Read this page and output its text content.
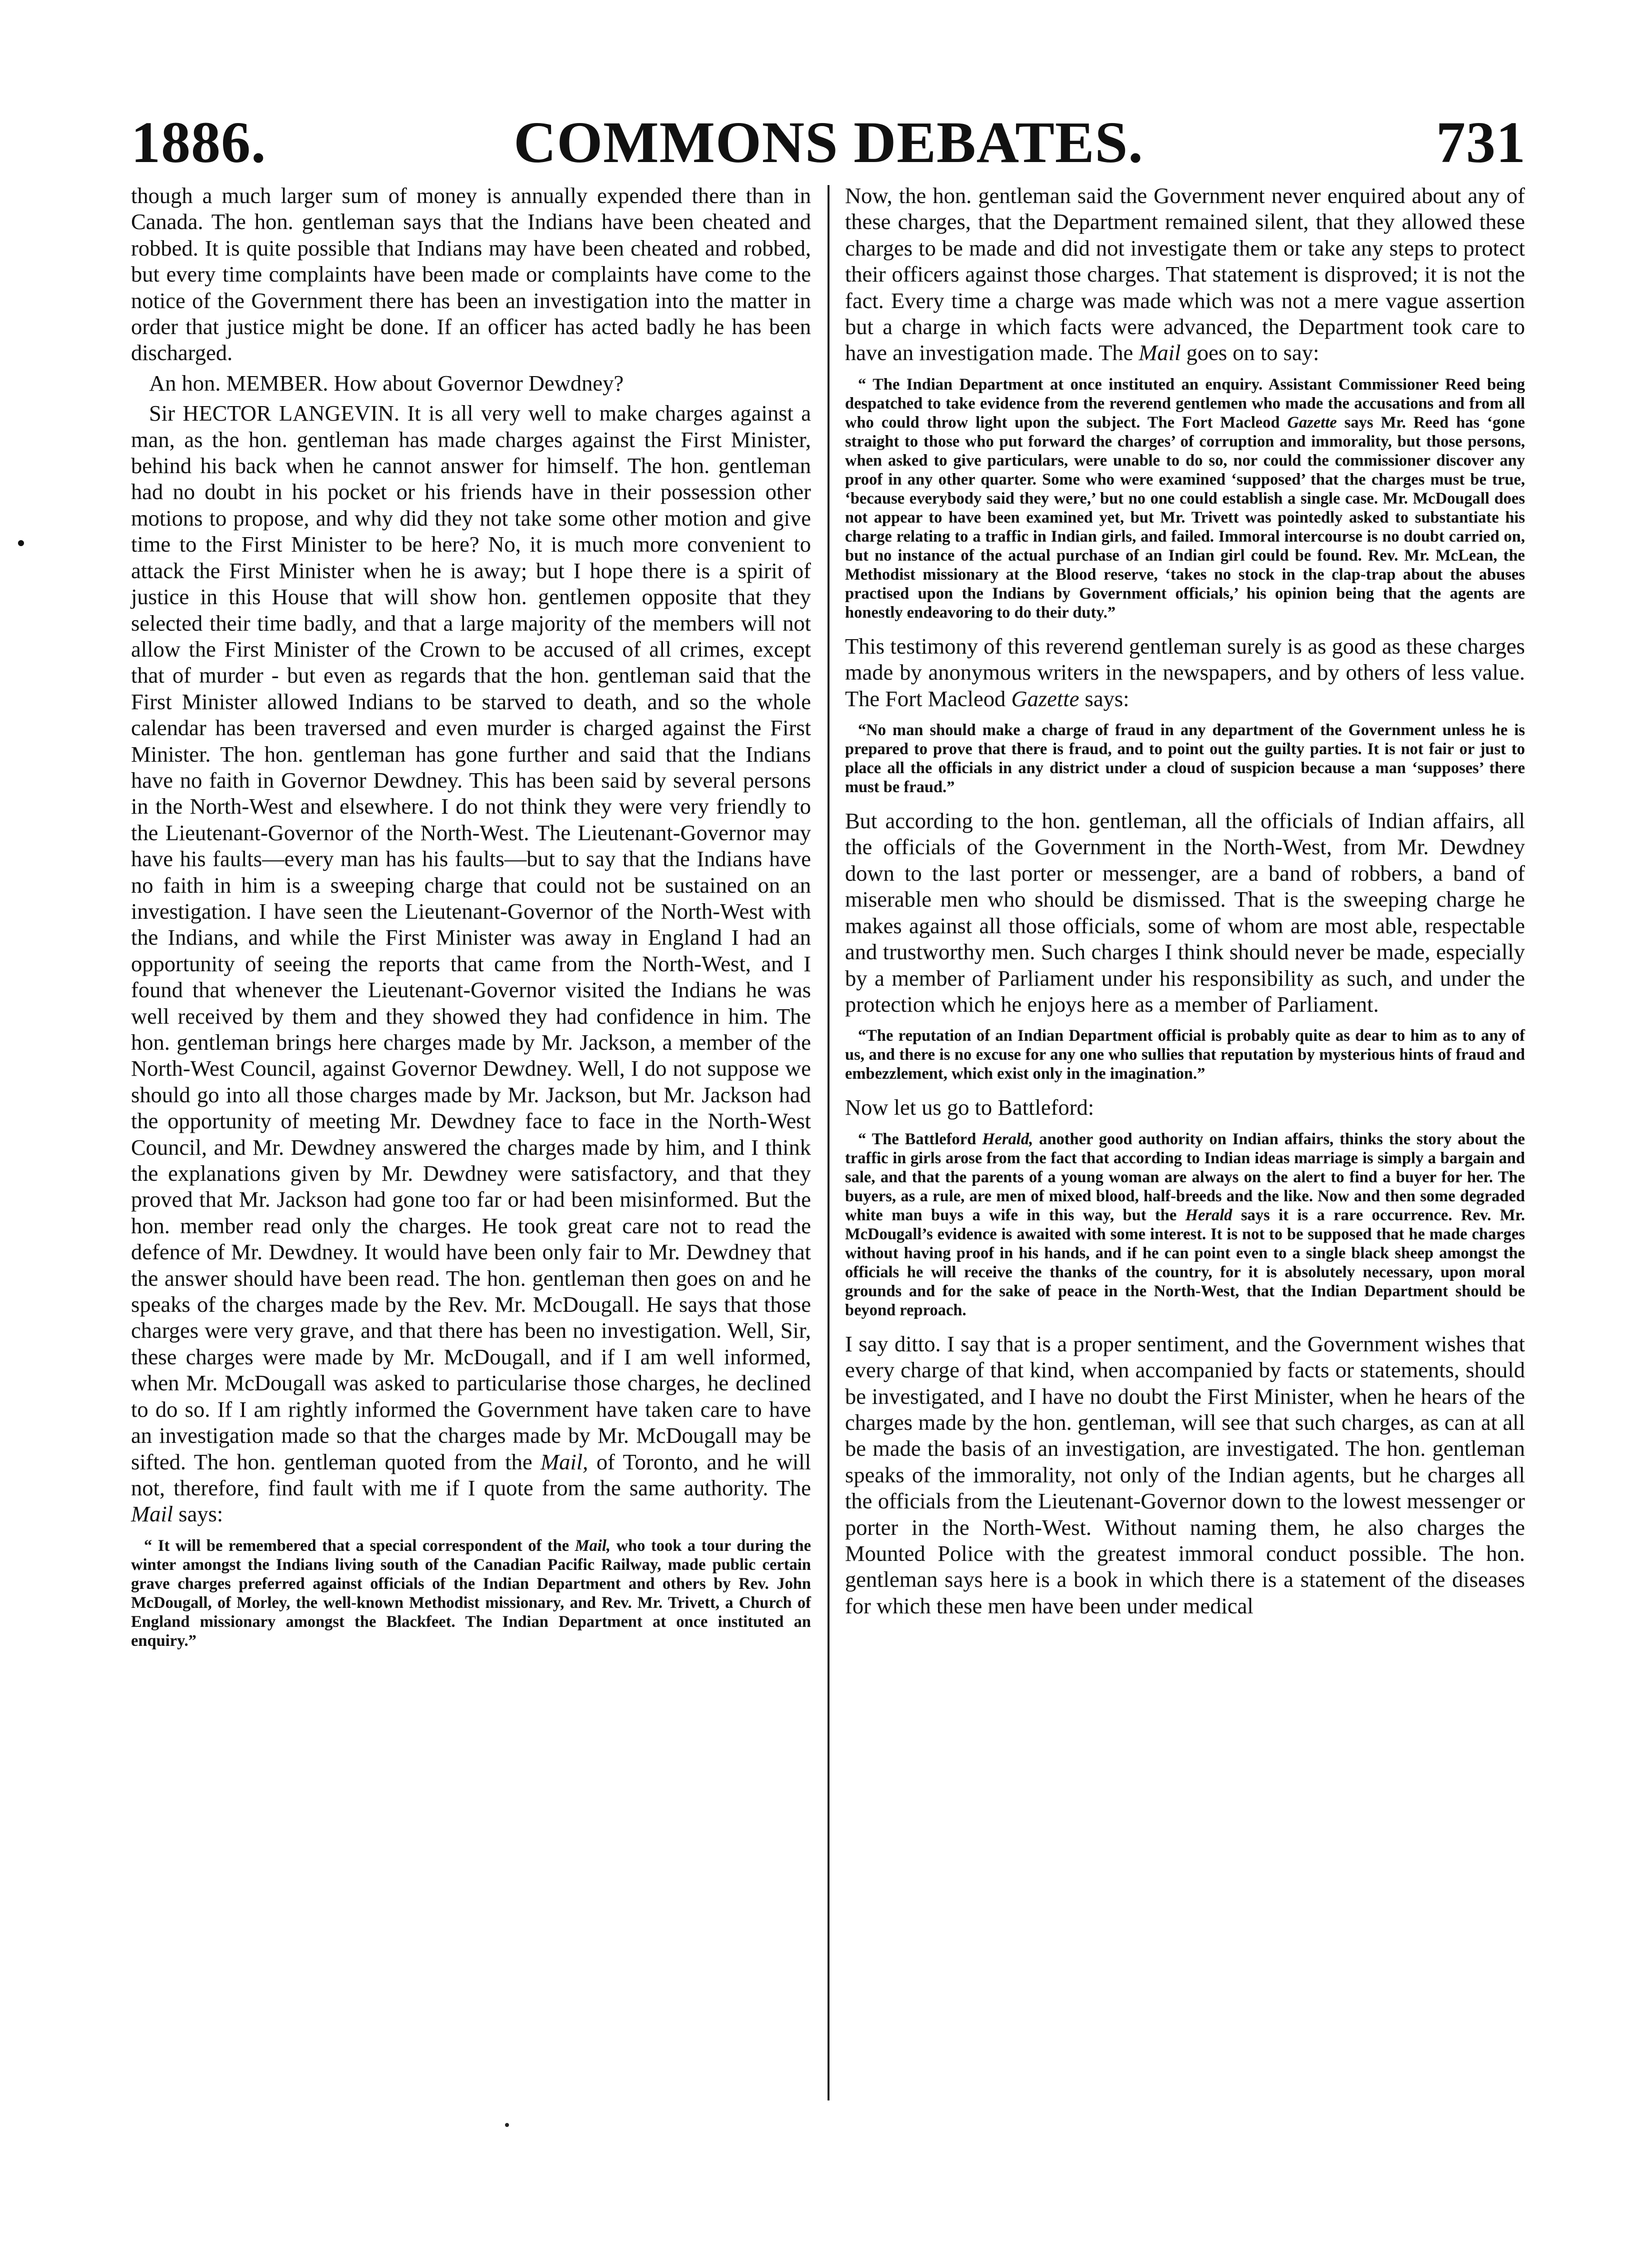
1886.	COMMONS DEBATES.	731

though a much larger sum of money is annually expended there than in Canada. The hon. gentleman says that the Indians have been cheated and robbed. It is quite possible that Indians may have been cheated and robbed, but every time complaints have been made or complaints have come to the notice of the Government there has been an investigation into the matter in order that justice might be done. If an officer has acted badly he has been discharged.

An hon. MEMBER. How about Governor Dewdney?

Sir HECTOR LANGEVIN. It is all very well to make charges against a man, as the hon. gentleman has made charges against the First Minister, behind his back when he cannot answer for himself. The hon. gentleman had no doubt in his pocket or his friends have in their possession other motions to propose, and why did they not take some other motion and give time to the First Minister to be here? No, it is much more convenient to attack the First Minister when he is away; but I hope there is a spirit of justice in this House that will show hon. gentlemen opposite that they selected their time badly, and that a large majority of the members will not allow the First Minister of the Crown to be accused of all crimes, except that of murder - but even as regards that the hon. gentleman said that the First Minister allowed Indians to be starved to death, and so the whole calendar has been traversed and even murder is charged against the First Minister. The hon. gentleman has gone further and said that the Indians have no faith in Governor Dewdney. This has been said by several persons in the North-West and elsewhere. I do not think they were very friendly to the Lieutenant-Governor of the North-West. The Lieutenant-Governor may have his faults—every man has his faults—but to say that the Indians have no faith in him is a sweeping charge that could not be sustained on an investigation. I have seen the Lieutenant-Governor of the North-West with the Indians, and while the First Minister was away in England I had an opportunity of seeing the reports that came from the North-West, and I found that whenever the Lieutenant-Governor visited the Indians he was well received by them and they showed they had confidence in him. The hon. gentleman brings here charges made by Mr. Jackson, a member of the North-West Council, against Governor Dewdney. Well, I do not suppose we should go into all those charges made by Mr. Jackson, but Mr. Jackson had the opportunity of meeting Mr. Dewdney face to face in the North-West Council, and Mr. Dewdney answered the charges made by him, and I think the explanations given by Mr. Dewdney were satisfactory, and that they proved that Mr. Jackson had gone too far or had been misinformed. But the hon. member read only the charges. He took great care not to read the defence of Mr. Dewdney. It would have been only fair to Mr. Dewdney that the answer should have been read. The hon. gentleman then goes on and he speaks of the charges made by the Rev. Mr. McDougall. He says that those charges were very grave, and that there has been no investigation. Well, Sir, these charges were made by Mr. McDougall, and if I am well informed, when Mr. McDougall was asked to particularise those charges, he declined to do so. If I am rightly informed the Government have taken care to have an investigation made so that the charges made by Mr. McDougall may be sifted. The hon. gentleman quoted from the Mail, of Toronto, and he will not, therefore, find fault with me if I quote from the same authority. The Mail says:

“ It will be remembered that a special correspondent of the Mail, who took a tour during the winter amongst the Indians living south of the Canadian Pacific Railway, made public certain grave charges preferred against officials of the Indian Department and others by Rev. John McDougall, of Morley, the well-known Methodist missionary, and Rev. Mr. Trivett, a Church of England missionary amongst the Blackfeet. The Indian Department at once instituted an enquiry.”

Now, the hon. gentleman said the Government never enquired about any of these charges, that the Department remained silent, that they allowed these charges to be made and did not investigate them or take any steps to protect their officers against those charges. That statement is disproved; it is not the fact. Every time a charge was made which was not a mere vague assertion but a charge in which facts were advanced, the Department took care to have an investigation made. The Mail goes on to say:

“ The Indian Department at once instituted an enquiry. Assistant Commissioner Reed being despatched to take evidence from the reverend gentlemen who made the accusations and from all who could throw light upon the subject. The Fort Macleod Gazette says Mr. Reed has ‘gone straight to those who put forward the charges’ of corruption and immorality, but those persons, when asked to give particulars, were unable to do so, nor could the commissioner discover any proof in any other quarter. Some who were examined ‘supposed’ that the charges must be true, ‘because everybody said they were,’ but no one could establish a single case. Mr. McDougall does not appear to have been examined yet, but Mr. Trivett was pointedly asked to substantiate his charge relating to a traffic in Indian girls, and failed. Immoral intercourse is no doubt carried on, but no instance of the actual purchase of an Indian girl could be found. Rev. Mr. McLean, the Methodist missionary at the Blood reserve, ‘takes no stock in the clap-trap about the abuses practised upon the Indians by Government officials,’ his opinion being that the agents are honestly endeavoring to do their duty.”

This testimony of this reverend gentleman surely is as good as these charges made by anonymous writers in the newspapers, and by others of less value. The Fort Macleod Gazette says:

“No man should make a charge of fraud in any department of the Government unless he is prepared to prove that there is fraud, and to point out the guilty parties. It is not fair or just to place all the officials in any district under a cloud of suspicion because a man ‘supposes’ there must be fraud.”

But according to the hon. gentleman, all the officials of Indian affairs, all the officials of the Government in the North-West, from Mr. Dewdney down to the last porter or messenger, are a band of robbers, a band of miserable men who should be dismissed. That is the sweeping charge he makes against all those officials, some of whom are most able, respectable and trustworthy men. Such charges I think should never be made, especially by a member of Parliament under his responsibility as such, and under the protection which he enjoys here as a member of Parliament.

“The reputation of an Indian Department official is probably quite as dear to him as to any of us, and there is no excuse for any one who sullies that reputation by mysterious hints of fraud and embezzlement, which exist only in the imagination.”

Now let us go to Battleford:

“ The Battleford Herald, another good authority on Indian affairs, thinks the story about the traffic in girls arose from the fact that according to Indian ideas marriage is simply a bargain and sale, and that the parents of a young woman are always on the alert to find a buyer for her. The buyers, as a rule, are men of mixed blood, half-breeds and the like. Now and then some degraded white man buys a wife in this way, but the Herald says it is a rare occurrence. Rev. Mr. McDougall’s evidence is awaited with some interest. It is not to be supposed that he made charges without having proof in his hands, and if he can point even to a single black sheep amongst the officials he will receive the thanks of the country, for it is absolutely necessary, upon moral grounds and for the sake of peace in the North-West, that the Indian Department should be beyond reproach.

I say ditto. I say that is a proper sentiment, and the Government wishes that every charge of that kind, when accompanied by facts or statements, should be investigated, and I have no doubt the First Minister, when he hears of the charges made by the hon. gentleman, will see that such charges, as can at all be made the basis of an investigation, are investigated. The hon. gentleman speaks of the immorality, not only of the Indian agents, but he charges all the officials from the Lieutenant-Governor down to the lowest messenger or porter in the North-West. Without naming them, he also charges the Mounted Police with the greatest immoral conduct possible. The hon. gentleman says here is a book in which there is a statement of the diseases for which these men have been under medical
